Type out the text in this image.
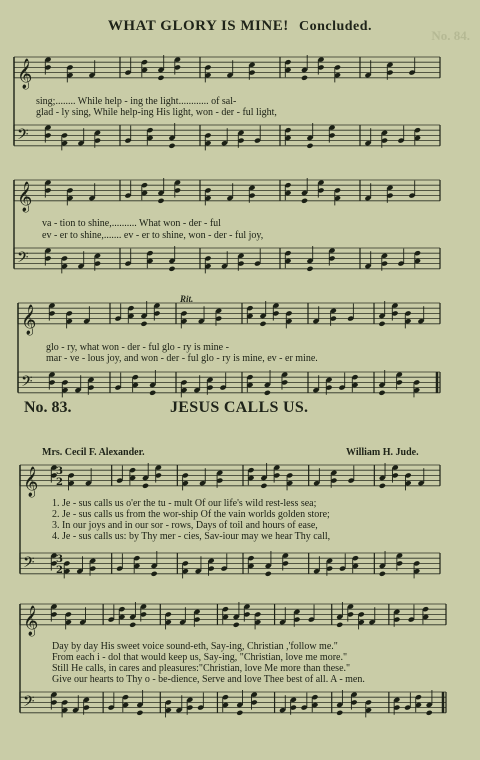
WHAT GLORY IS MINE! Concluded.
No. 84.
𝄞
𝄢
𝄞
𝄢
𝄞
𝄢
𝄞
𝄢
𝄞
𝄢
3
2
3
2
sing;........ While help - ing the light............ of sal-
glad - ly sing, While help-ing His light, won - der - ful light,
va - tion to shine,.......... What won - der - ful
ev - er to shine,....... ev - er to shine, won - der - ful joy,
Rit.
glo - ry, what won - der - ful glo - ry is mine -
mar - ve - lous joy, and won - der - ful glo - ry is mine, ev - er mine.
No. 83.	JESUS CALLS US.
Mrs. Cecil F. Alexander.	William H. Jude.
1. Je - sus calls us o'er the tu - mult Of our life's wild rest-less sea;
2. Je - sus calls us from the wor-ship Of the vain worlds golden store;
3. In our joys and in our sor - rows, Days of toil and hours of ease,
4. Je - sus calls us: by Thy mer - cies, Sav-iour may we hear Thy call,
Day by day His sweet voice sound-eth, Say-ing, Christian ,'follow me."
From each i - dol that would keep us, Say-ing, "Christian, love me more."
Still He calls, in cares and pleasures:"Christian, love Me more than these."
Give our hearts to Thy o - be-dience, Serve and love Thee best of all. A - men.
